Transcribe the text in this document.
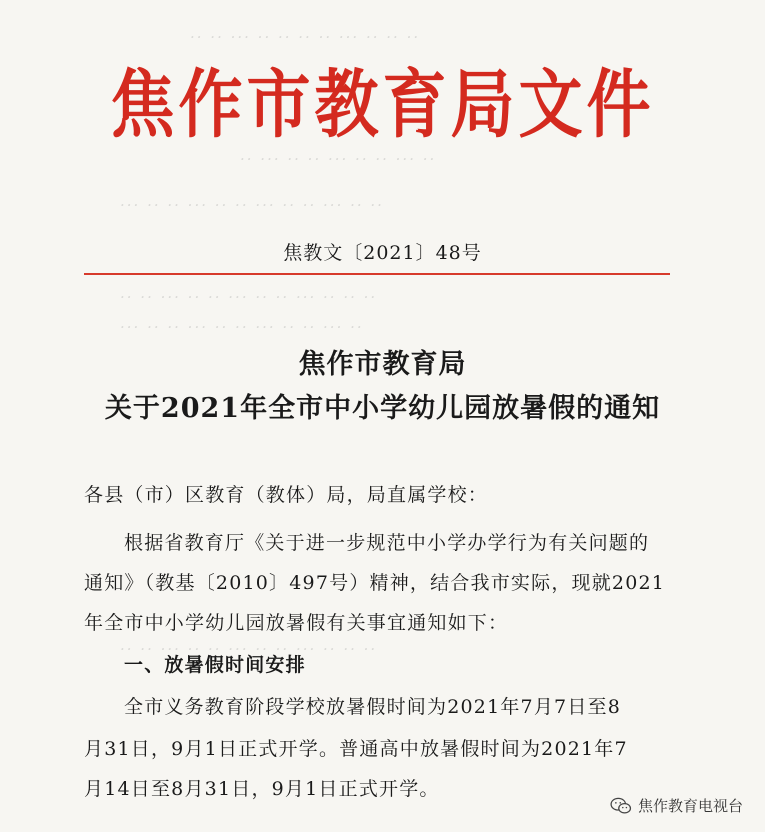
·· ·· ··· ·· ·· ·· ·· ··· ·· ·· ··
·· ··· ·· ·· ··· ·· ·· ··· ··
··· ·· ·· ··· ·· ·· ··· ·· ·· ··· ·· ··
·· ·· ··· ·· ·· ··· ·· ·· ··· ·· ·· ··
··· ·· ·· ··· ·· ·· ··· ·· ·· ··· ··
·· ·· ··· ·· ·· ··· ·· ·· ··· ·· ·· ··
焦作市教育局文件
焦教文〔2021〕48号
焦作市教育局
关于2021年全市中小学幼儿园放暑假的通知
各县（市）区教育（教体）局，局直属学校：
根据省教育厅《关于进一步规范中小学办学行为有关问题的
通知》（教基〔2010〕497号）精神，结合我市实际，现就2021
年全市中小学幼儿园放暑假有关事宜通知如下：
一、放暑假时间安排
全市义务教育阶段学校放暑假时间为2021年7月7日至8
月31日，9月1日正式开学。普通高中放暑假时间为2021年7
月14日至8月31日，9月1日正式开学。
焦作教育电视台
